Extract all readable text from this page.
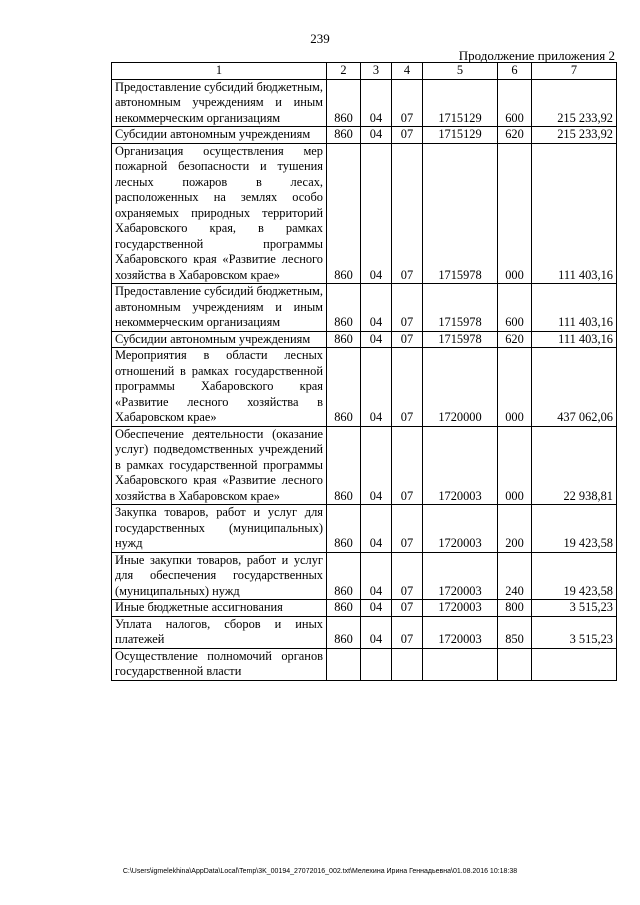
239
Продолжение приложения 2
1	2	3	4	5	6	7
Предоставление субсидий бюджетным, автономным учреждениям и иным некоммерческим организациям	860	04	07	1715129	600	215 233,92
Субсидии автономным учреждениям	860	04	07	1715129	620	215 233,92
Организация осуществления мер пожарной безопасности и тушения лесных пожаров в лесах, расположенных на землях особо охраняемых природных территорий Хабаровского края, в рамках государственной программы Хабаровского края «Развитие лесного хозяйства в Хабаровском крае»	860	04	07	1715978	000	111 403,16
Предоставление субсидий бюджетным, автономным учреждениям и иным некоммерческим организациям	860	04	07	1715978	600	111 403,16
Субсидии автономным учреждениям	860	04	07	1715978	620	111 403,16
Мероприятия в области лесных отношений в рамках государственной программы Хабаровского края «Развитие лесного хозяйства в Хабаровском крае»	860	04	07	1720000	000	437 062,06
Обеспечение деятельности (оказание услуг) подведомственных учреждений в рамках государственной программы Хабаровского края «Развитие лесного хозяйства в Хабаровском крае»	860	04	07	1720003	000	22 938,81
Закупка товаров, работ и услуг для государственных (муниципальных) нужд	860	04	07	1720003	200	19 423,58
Иные закупки товаров, работ и услуг для обеспечения государственных (муниципальных) нужд	860	04	07	1720003	240	19 423,58
Иные бюджетные ассигнования	860	04	07	1720003	800	3 515,23
Уплата налогов, сборов и иных платежей	860	04	07	1720003	850	3 515,23
Осуществление полномочий органов государственной власти						
C:\Users\igmelekhina\AppData\Local\Temp\3K_00194_27072016_002.txt\Мелехина Ирина Геннадьевна\01.08.2016 10:18:38
